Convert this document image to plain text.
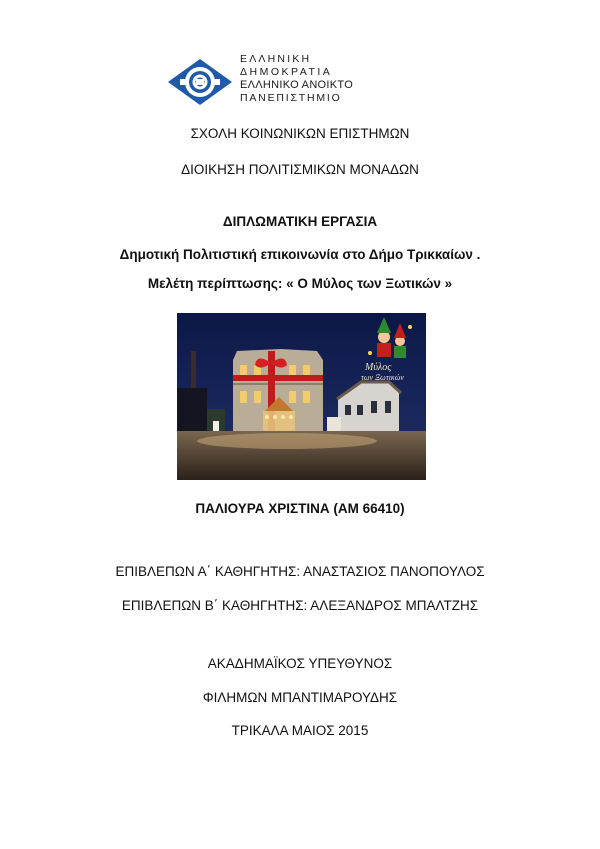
ΕΛΛΗΝΙΚΗ
ΔΗΜΟΚΡΑΤΙΑ
ΕΛΛΗΝΙΚΟ ΑΝΟΙΚΤΟ
ΠΑΝΕΠΙΣΤΗΜΙΟ
ΣΧΟΛΗ ΚΟΙΝΩΝΙΚΩΝ ΕΠΙΣΤΗΜΩΝ
ΔΙΟΙΚΗΣΗ ΠΟΛΙΤΙΣΜΙΚΩΝ ΜΟΝΑΔΩΝ
ΔΙΠΛΩΜΑΤΙΚΗ ΕΡΓΑΣΙΑ
Δημοτική Πολιτιστική επικοινωνία στο Δήμο Τρικκαίων .
Μελέτη περίπτωσης: « Ο Μύλος των Ξωτικών »
Μύλος
των Ξωτικών
ΠΑΛΙΟΥΡΑ ΧΡΙΣΤΙΝΑ (ΑΜ 66410)
ΕΠΙΒΛΕΠΩΝ Α΄ ΚΑΘΗΓΗΤΗΣ: ΑΝΑΣΤΑΣΙΟΣ ΠΑΝΟΠΟΥΛΟΣ
ΕΠΙΒΛΕΠΩΝ Β΄ ΚΑΘΗΓΗΤΗΣ: ΑΛΕΞΑΝΔΡΟΣ ΜΠΑΛΤΖΗΣ
ΑΚΑΔΗΜΑΪΚΟΣ ΥΠΕΥΘΥΝΟΣ
ΦΙΛΗΜΩΝ ΜΠΑΝΤΙΜΑΡΟΥΔΗΣ
ΤΡΙΚΑΛΑ ΜΑΙΟΣ 2015
